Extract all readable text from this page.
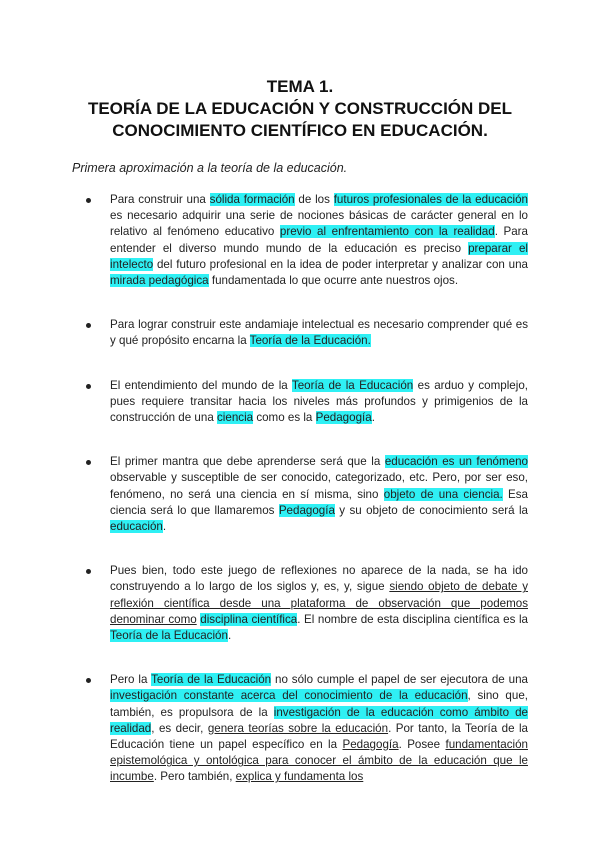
TEMA 1.
TEORÍA DE LA EDUCACIÓN Y CONSTRUCCIÓN DEL
CONOCIMIENTO CIENTÍFICO EN EDUCACIÓN.
Primera aproximación a la teoría de la educación.
Para construir una sólida formación de los futuros profesionales de la educación es necesario adquirir una serie de nociones básicas de carácter general en lo relativo al fenómeno educativo previo al enfrentamiento con la realidad. Para entender el diverso mundo mundo de la educación es preciso preparar el intelecto del futuro profesional en la idea de poder interpretar y analizar con una mirada pedagógica fundamentada lo que ocurre ante nuestros ojos.
Para lograr construir este andamiaje intelectual es necesario comprender qué es y qué propósito encarna la Teoría de la Educación.
El entendimiento del mundo de la Teoría de la Educación es arduo y complejo, pues requiere transitar hacia los niveles más profundos y primigenios de la construcción de una ciencia como es la Pedagogía.
El primer mantra que debe aprenderse será que la educación es un fenómeno observable y susceptible de ser conocido, categorizado, etc. Pero, por ser eso, fenómeno, no será una ciencia en sí misma, sino objeto de una ciencia. Esa ciencia será lo que llamaremos Pedagogía y su objeto de conocimiento será la educación.
Pues bien, todo este juego de reflexiones no aparece de la nada, se ha ido construyendo a lo largo de los siglos y, es, y, sigue siendo objeto de debate y reflexión científica desde una plataforma de observación que podemos denominar como disciplina científica. El nombre de esta disciplina científica es la Teoría de la Educación.
Pero la Teoría de la Educación no sólo cumple el papel de ser ejecutora de una investigación constante acerca del conocimiento de la educación, sino que, también, es propulsora de la investigación de la educación como ámbito de realidad, es decir, genera teorías sobre la educación. Por tanto, la Teoría de la Educación tiene un papel específico en la Pedagogía. Posee fundamentación epistemológica y ontológica para conocer el ámbito de la educación que le incumbe. Pero también, explica y fundamenta los
